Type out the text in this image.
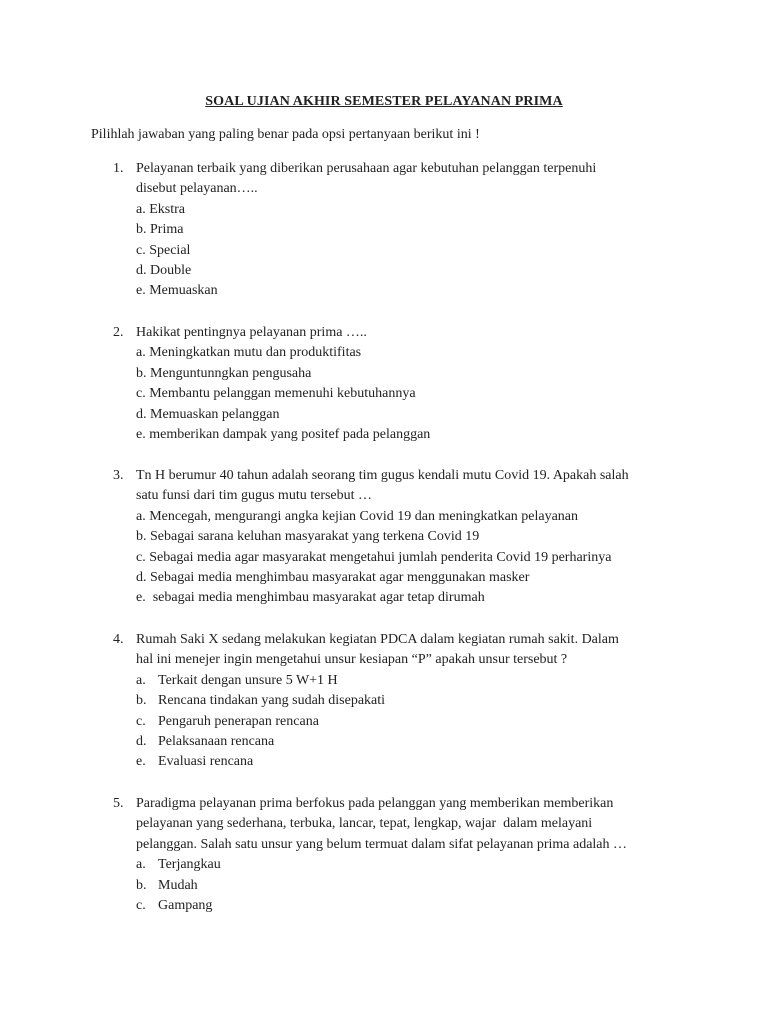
SOAL UJIAN AKHIR SEMESTER PELAYANAN PRIMA
Pilihlah jawaban yang paling benar pada opsi pertanyaan berikut ini !
1. Pelayanan terbaik yang diberikan perusahaan agar kebutuhan pelanggan terpenuhi
disebut pelayanan…..
a. Ekstra
b. Prima
c. Special
d. Double
e. Memuaskan
2. Hakikat pentingnya pelayanan prima …..
a. Meningkatkan mutu dan produktifitas
b. Menguntunngkan pengusaha
c. Membantu pelanggan memenuhi kebutuhannya
d. Memuaskan pelanggan
e. memberikan dampak yang positef pada pelanggan
3. Tn H berumur 40 tahun adalah seorang tim gugus kendali mutu Covid 19. Apakah salah
satu funsi dari tim gugus mutu tersebut …
a. Mencegah, mengurangi angka kejian Covid 19 dan meningkatkan pelayanan
b. Sebagai sarana keluhan masyarakat yang terkena Covid 19
c. Sebagai media agar masyarakat mengetahui jumlah penderita Covid 19 perharinya
d. Sebagai media menghimbau masyarakat agar menggunakan masker
e. sebagai media menghimbau masyarakat agar tetap dirumah
4. Rumah Saki X sedang melakukan kegiatan PDCA dalam kegiatan rumah sakit. Dalam
hal ini menejer ingin mengetahui unsur kesiapan “P” apakah unsur tersebut ?
a. Terkait dengan unsure 5 W+1 H
b. Rencana tindakan yang sudah disepakati
c. Pengaruh penerapan rencana
d. Pelaksanaan rencana
e. Evaluasi rencana
5. Paradigma pelayanan prima berfokus pada pelanggan yang memberikan memberikan
pelayanan yang sederhana, terbuka, lancar, tepat, lengkap, wajar  dalam melayani
pelanggan. Salah satu unsur yang belum termuat dalam sifat pelayanan prima adalah …
a. Terjangkau
b. Mudah
c. Gampang
